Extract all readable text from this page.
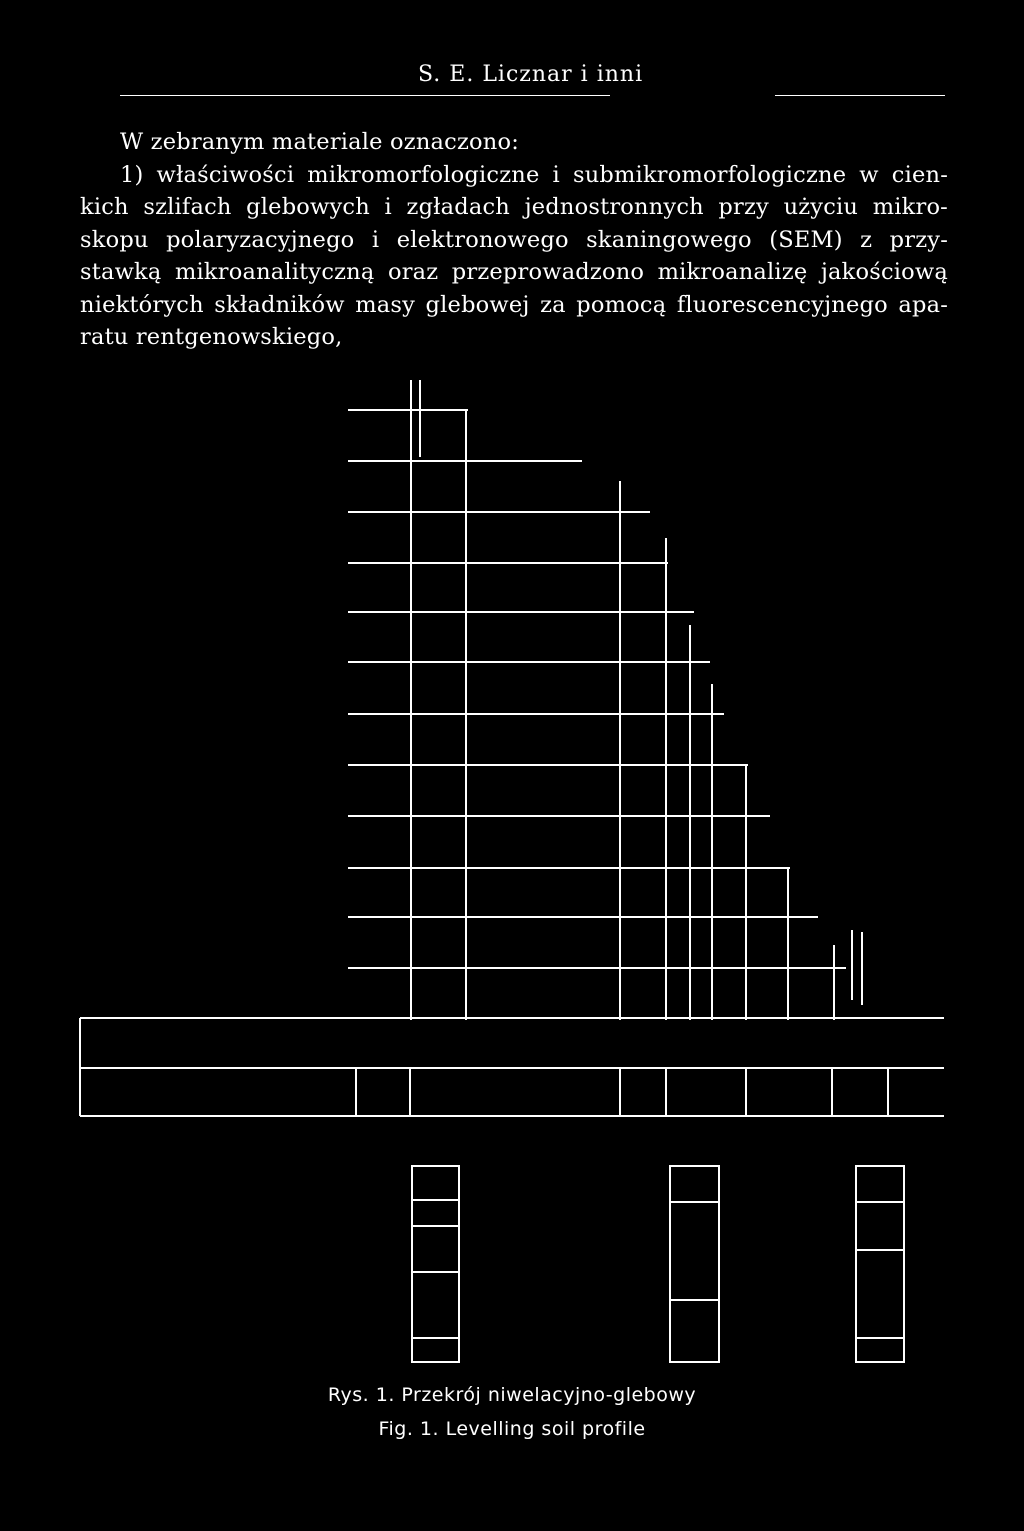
S. E. Licznar i inni

W zebranym materiale oznaczono:

1) właściwości mikromorfologiczne i submikromorfologiczne w cien-

kich szlifach glebowych i zgładach jednostronnych przy użyciu mikro-

skopu polaryzacyjnego i elektronowego skaningowego (SEM) z przy-

stawką mikroanalityczną oraz przeprowadzono mikroanalizę jakościową

niektórych składników masy glebowej za pomocą fluorescencyjnego apa-

ratu rentgenowskiego,

Rys. 1. Przekrój niwelacyjno-glebowy
Fig. 1. Levelling soil profile
